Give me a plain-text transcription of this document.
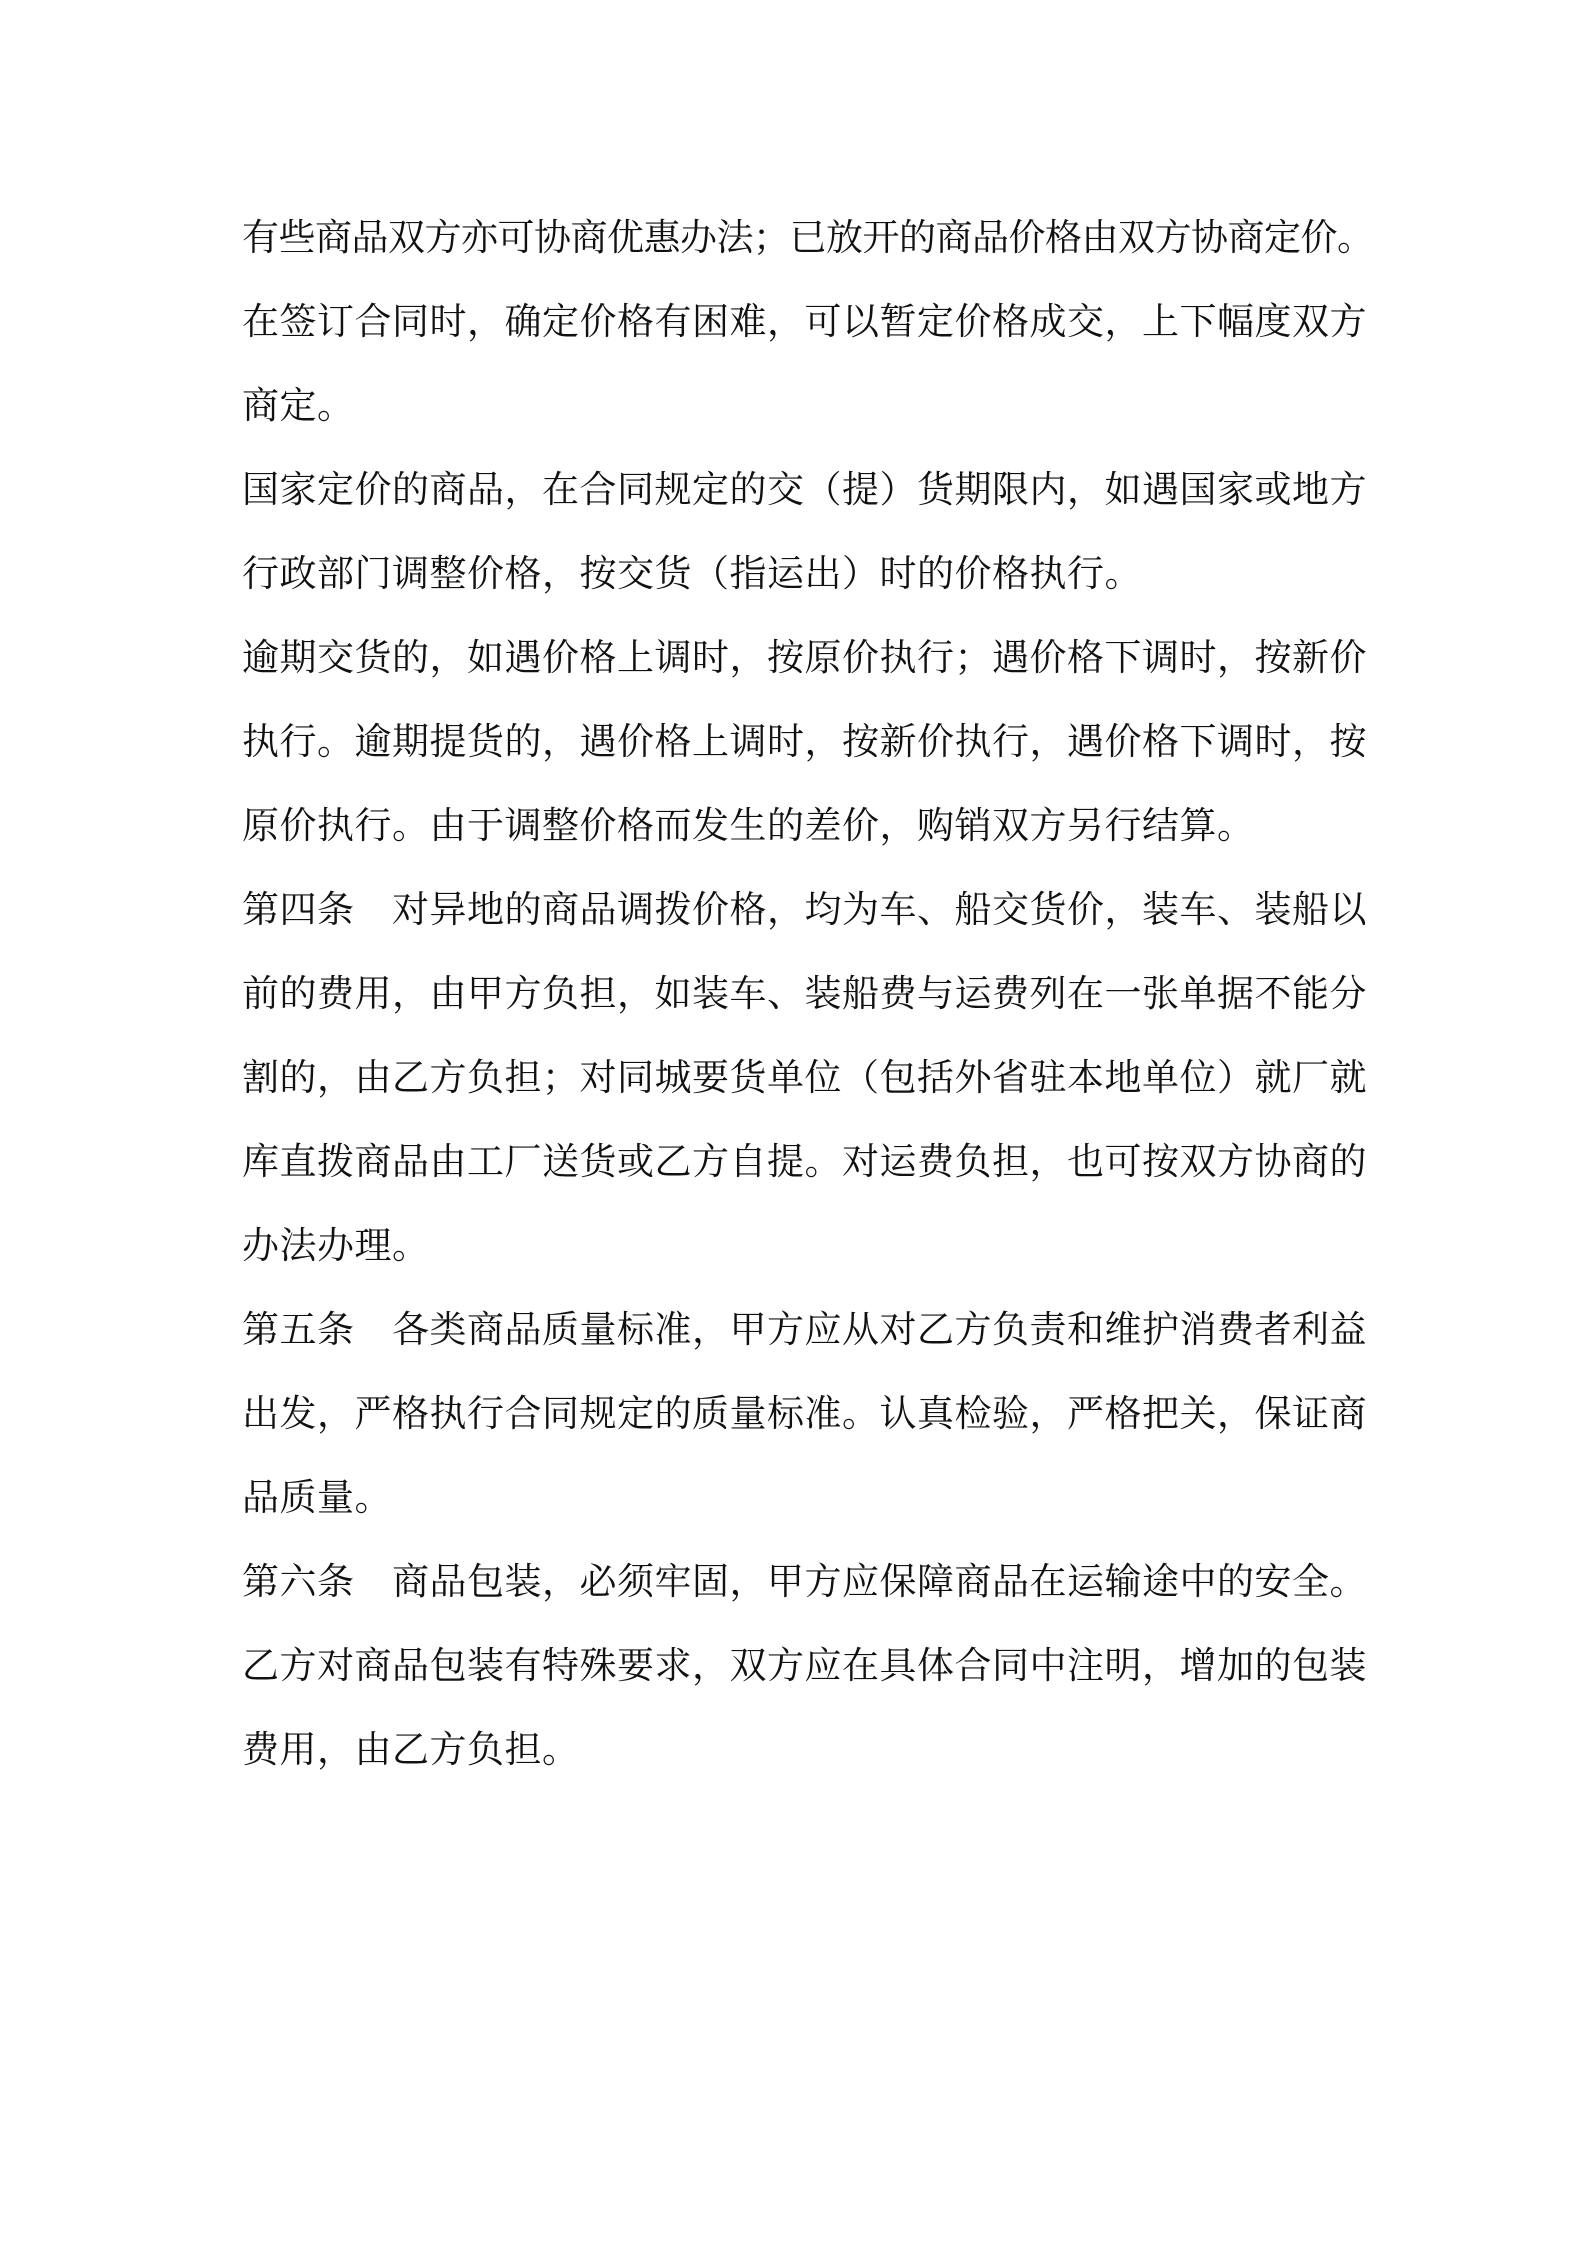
有些商品双方亦可协商优惠办法；已放开的商品价格由双方协商定价。
在签订合同时，确定价格有困难，可以暂定价格成交，上下幅度双方
商定。
国家定价的商品，在合同规定的交（提）货期限内，如遇国家或地方
行政部门调整价格，按交货（指运出）时的价格执行。
逾期交货的，如遇价格上调时，按原价执行；遇价格下调时，按新价
执行。逾期提货的，遇价格上调时，按新价执行，遇价格下调时，按
原价执行。由于调整价格而发生的差价，购销双方另行结算。
第四条 对异地的商品调拨价格，均为车、船交货价，装车、装船以
前的费用，由甲方负担，如装车、装船费与运费列在一张单据不能分
割的，由乙方负担；对同城要货单位（包括外省驻本地单位）就厂就
库直拨商品由工厂送货或乙方自提。对运费负担，也可按双方协商的
办法办理。
第五条 各类商品质量标准，甲方应从对乙方负责和维护消费者利益
出发，严格执行合同规定的质量标准。认真检验，严格把关，保证商
品质量。
第六条 商品包装，必须牢固，甲方应保障商品在运输途中的安全。
乙方对商品包装有特殊要求，双方应在具体合同中注明，增加的包装
费用，由乙方负担。
